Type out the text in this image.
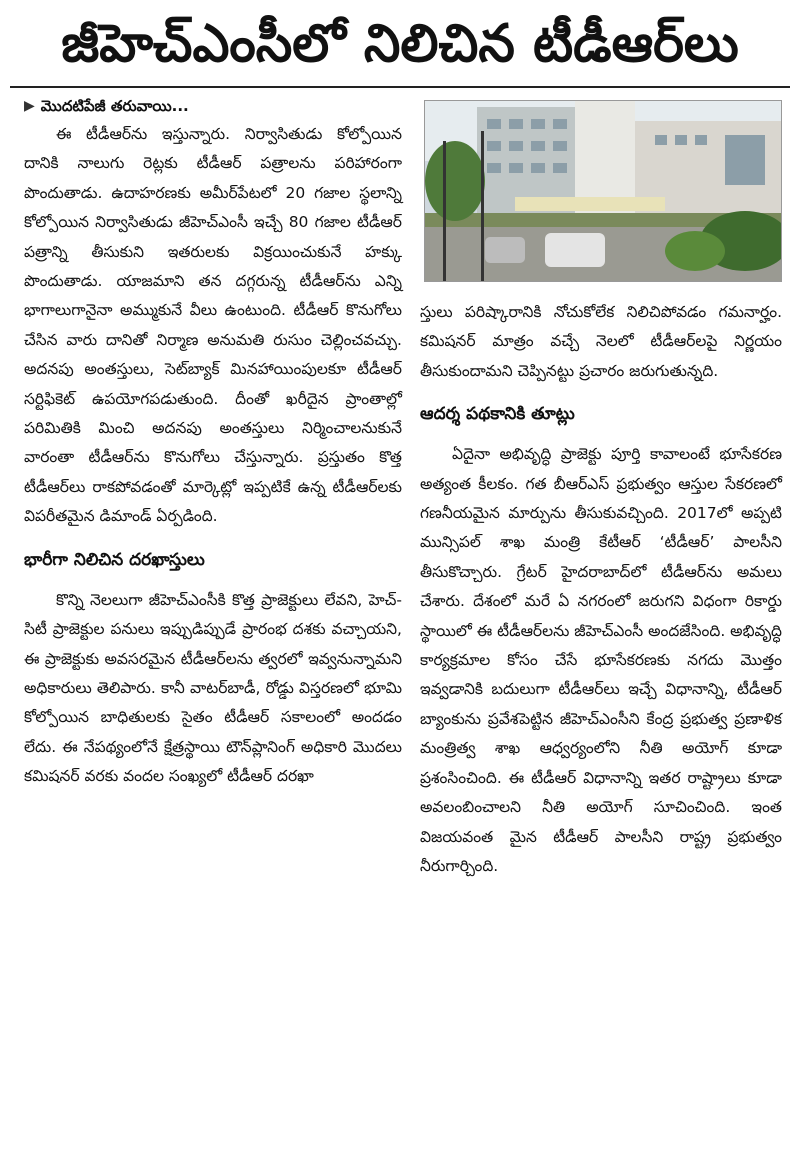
జీహెచ్ఎంసీలో నిలిచిన టీడీఆర్‌లు
▶ మొదటిపేజీ తరువాయి...

ఈ టీడీఆర్‌ను ఇస్తున్నారు. నిర్వాసితుడు కోల్పోయిన దానికి నాలుగు రెట్లకు టీడీఆర్ పత్రాలను పరిహారంగా పొందుతాడు. ఉదాహరణకు అమీర్‌పేటలో 20 గజాల స్థలాన్ని కోల్పోయిన నిర్వాసితుడు జీహెచ్ఎంసీ ఇచ్చే 80 గజాల టీడీఆర్ పత్రాన్ని తీసుకుని ఇతరులకు విక్రయించుకునే హక్కు పొందుతాడు. యాజమాని తన దగ్గరున్న టీడీఆర్‌ను ఎన్ని భాగాలుగానైనా అమ్ముకునే వీలు ఉంటుంది. టీడీఆర్ కొనుగోలు చేసిన వారు దానితో నిర్మాణ అనుమతి రుసుం చెల్లించవచ్చు. అదనపు అంతస్తులు, సెట్‌బ్యాక్ మినహాయింపులకూ టీడీఆర్ సర్టిఫికెట్ ఉపయోగపడుతుంది. దీంతో ఖరీదైన ప్రాంతాల్లో పరిమితికి మించి అదనపు అంతస్తులు నిర్మించాలనుకునే వారంతా టీడీఆర్‌ను కొనుగోలు చేస్తున్నారు. ప్రస్తుతం కొత్త టీడీఆర్‌లు రాకపోవడంతో మార్కెట్లో ఇప్పటికే ఉన్న టీడీఆర్‌లకు విపరీతమైన డిమాండ్ ఏర్పడింది.

భారీగా నిలిచిన దరఖాస్తులు

కొన్ని నెలలుగా జీహెచ్ఎంసీకి కొత్త ప్రాజెక్టులు లేవని, హెచ్-సిటీ ప్రాజెక్టుల పనులు ఇప్పుడిప్పుడే ప్రారంభ దశకు వచ్చాయని, ఈ ప్రాజెక్టుకు అవసరమైన టీడీఆర్‌లను త్వరలో ఇవ్వనున్నామని అధికారులు తెలిపారు. కానీ వాటర్‌బాడీ, రోడ్డు విస్తరణలో భూమి కోల్పోయిన బాధితులకు సైతం టీడీఆర్ సకాలంలో అందడం లేదు. ఈ నేపథ్యంలోనే క్షేత్రస్థాయి టౌన్‌ప్లానింగ్ అధికారి మొదలు కమిషనర్ వరకు వందల సంఖ్యలో టీడీఆర్ దరఖా

స్తులు పరిష్కారానికి నోచుకోలేక నిలిచిపోవడం గమనార్హం. కమిషనర్ మాత్రం వచ్చే నెలలో టీడీఆర్‌లపై నిర్ణయం తీసుకుందామని చెప్పినట్టు ప్రచారం జరుగుతున్నది.

ఆదర్శ పథకానికి తూట్లు

ఏదైనా అభివృద్ధి ప్రాజెక్టు పూర్తి కావాలంటే భూసేకరణ అత్యంత కీలకం. గత బీఆర్ఎస్ ప్రభుత్వం ఆస్తుల సేకరణలో గణనీయమైన మార్పును తీసుకువచ్చింది. 2017లో అప్పటి మున్సిపల్ శాఖ మంత్రి కేటీఆర్ ‘టీడీఆర్’ పాలసీని తీసుకొచ్చారు. గ్రేటర్ హైదరాబాద్‌లో టీడీఆర్‌ను అమలు చేశారు. దేశంలో మరే ఏ నగరంలో జరుగని విధంగా రికార్డు స్థాయిలో ఈ టీడీఆర్‌లను జీహెచ్ఎంసీ అందజేసింది. అభివృద్ధి కార్యక్రమాల కోసం చేసే భూసేకరణకు నగదు మొత్తం ఇవ్వడానికి బదులుగా టీడీఆర్‌లు ఇచ్చే విధానాన్ని, టీడీఆర్ బ్యాంకును ప్రవేశపెట్టిన జీహెచ్ఎంసీని కేంద్ర ప్రభుత్వ ప్రణాళిక మంత్రిత్వ శాఖ ఆధ్వర్యంలోని నీతి అయోగ్ కూడా ప్రశంసించింది. ఈ టీడీఆర్ విధానాన్ని ఇతర రాష్ట్రాలు కూడా అవలంబించాలని నీతి అయోగ్ సూచించింది. ఇంత విజయవంత మైన టీడీఆర్ పాలసీని రాష్ట్ర ప్రభుత్వం నీరుగార్చింది.
